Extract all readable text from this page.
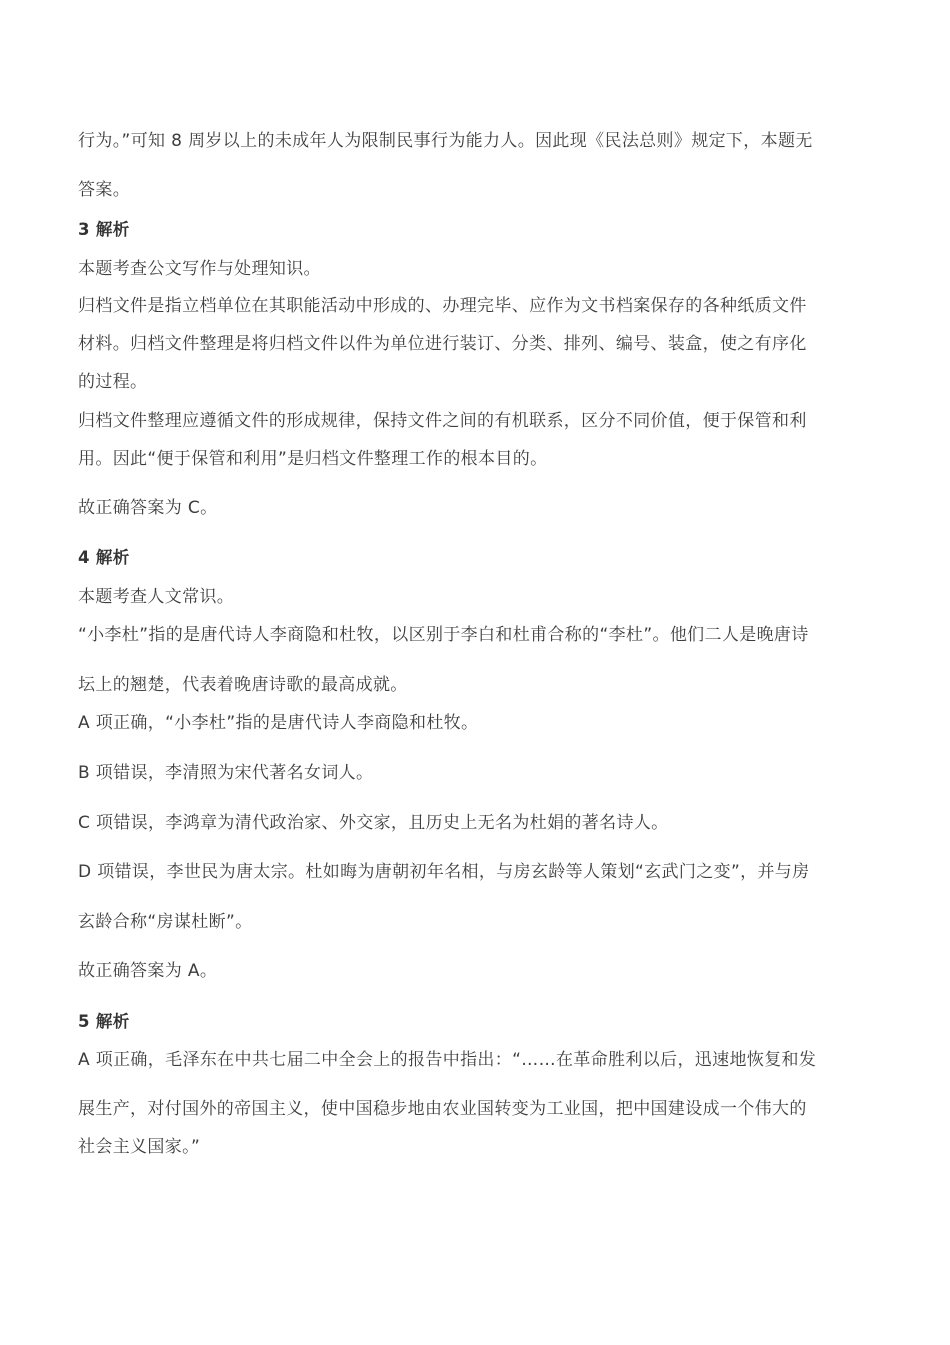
行为。”可知 8 周岁以上的未成年人为限制民事行为能力人。因此现《民法总则》规定下，本题无
答案。
3 解析
本题考查公文写作与处理知识。
归档文件是指立档单位在其职能活动中形成的、办理完毕、应作为文书档案保存的各种纸质文件
材料。归档文件整理是将归档文件以件为单位进行装订、分类、排列、编号、装盒，使之有序化
的过程。
归档文件整理应遵循文件的形成规律，保持文件之间的有机联系，区分不同价值，便于保管和利
用。因此“便于保管和利用”是归档文件整理工作的根本目的。
故正确答案为 C。
4 解析
本题考查人文常识。
“小李杜”指的是唐代诗人李商隐和杜牧，以区别于李白和杜甫合称的“李杜”。他们二人是晚唐诗
坛上的翘楚，代表着晚唐诗歌的最高成就。
A 项正确，“小李杜”指的是唐代诗人李商隐和杜牧。
B 项错误，李清照为宋代著名女词人。
C 项错误，李鸿章为清代政治家、外交家，且历史上无名为杜娟的著名诗人。
D 项错误，李世民为唐太宗。杜如晦为唐朝初年名相，与房玄龄等人策划“玄武门之变”，并与房
玄龄合称“房谋杜断”。
故正确答案为 A。
5 解析
A 项正确，毛泽东在中共七届二中全会上的报告中指出：“……在革命胜利以后，迅速地恢复和发
展生产，对付国外的帝国主义，使中国稳步地由农业国转变为工业国，把中国建设成一个伟大的
社会主义国家。”
